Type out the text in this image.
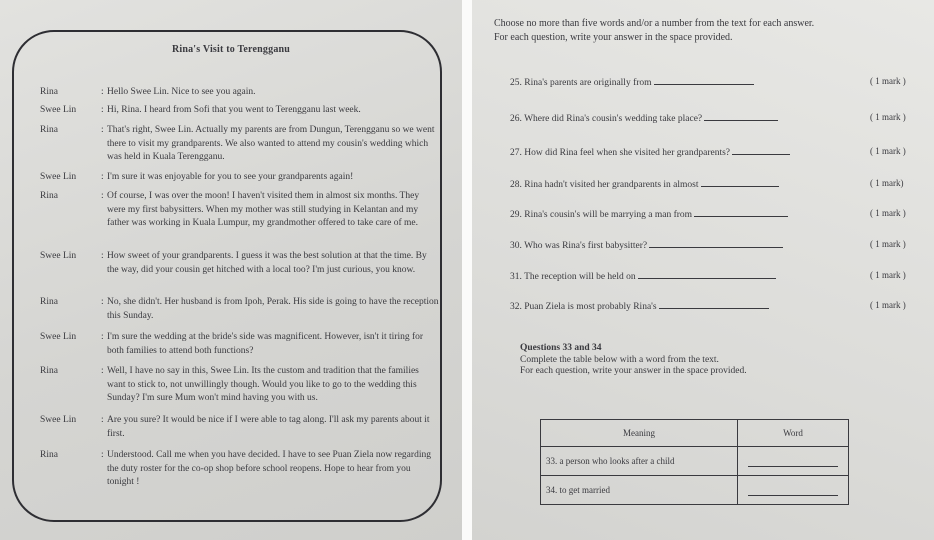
Rina's Visit to Terengganu
Rina	: Hello Swee Lin. Nice to see you again.
Swee Lin	: Hi, Rina. I heard from Sofi that you went to Terengganu last week.
Rina	: That's right, Swee Lin. Actually my parents are from Dungun, Terengganu so we went there to visit my grandparents. We also wanted to attend my cousin's wedding which was held in Kuala Terengganu.
Swee Lin	: I'm sure it was enjoyable for you to see your grandparents again!
Rina	: Of course, I was over the moon! I haven't visited them in almost six months. They were my first babysitters. When my mother was still studying in Kelantan and my father was working in Kuala Lumpur, my grandmother offered to take care of me.
Swee Lin	: How sweet of your grandparents. I guess it was the best solution at that the time. By the way, did your cousin get hitched with a local too? I'm just curious, you know.
Rina	: No, she didn't. Her husband is from Ipoh, Perak. His side is going to have the reception this Sunday.
Swee Lin	: I'm sure the wedding at the bride's side was magnificent. However, isn't it tiring for both families to attend both functions?
Rina	: Well, I have no say in this, Swee Lin. Its the custom and tradition that the families want to stick to, not unwillingly though. Would you like to go to the wedding this Sunday? I'm sure Mum won't mind having you with us.
Swee Lin	: Are you sure? It would be nice if I were able to tag along. I'll ask my parents about it first.
Rina	: Understood. Call me when you have decided. I have to see Puan Ziela now regarding the duty roster for the co-op shop before school reopens. Hope to hear from you tonight !
Choose no more than five words and/or a number from the text for each answer.
For each question, write your answer in the space provided.
25. Rina's parents are originally from	( 1 mark )
26. Where did Rina's cousin's wedding take place?	( 1 mark )
27. How did Rina feel when she visited her grandparents?	( 1 mark )
28. Rina hadn't visited her grandparents in almost	( 1 mark)
29. Rina's cousin's will be marrying a man from	( 1 mark )
30. Who was Rina's first babysitter?	( 1 mark )
31. The reception will be held on	( 1 mark )
32. Puan Ziela is most probably Rina's	( 1 mark )
Questions 33 and 34
Complete the table below with a word from the text.
For each question, write your answer in the space provided.
Meaning	Word
33. a person who looks after a child	

34. to get married	
